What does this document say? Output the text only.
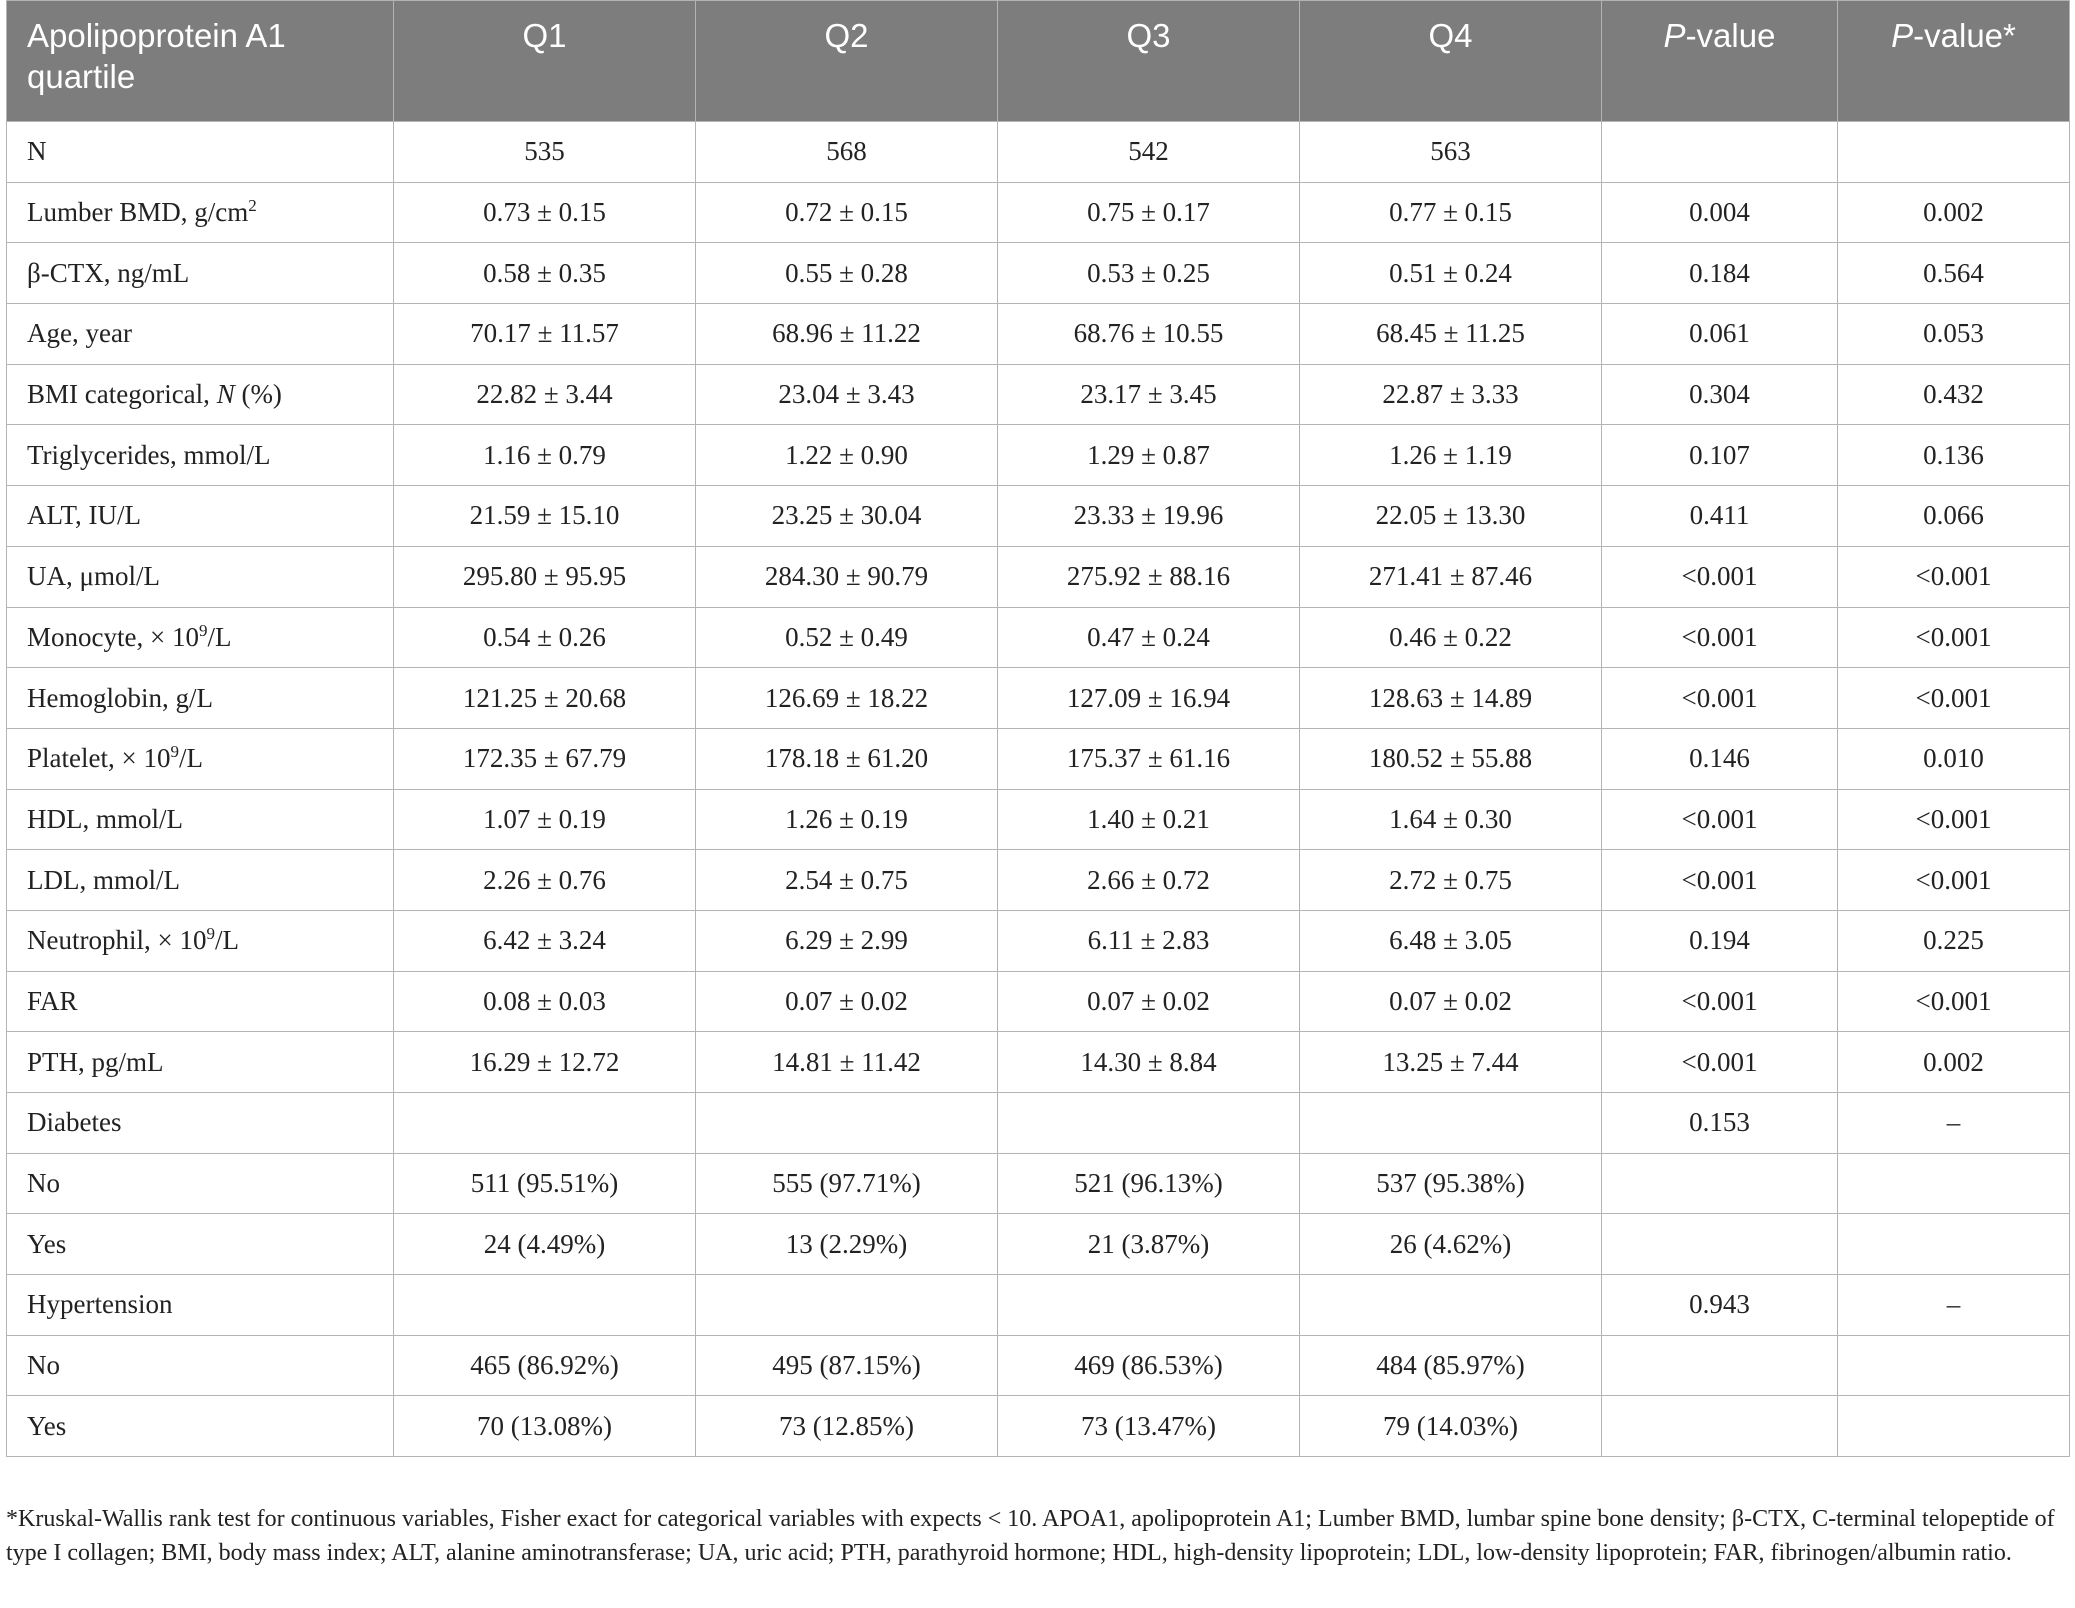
Apolipoprotein A1 quartile	Q1	Q2	Q3	Q4	P-value	P-value*
N	535	568	542	563		
Lumber BMD, $g/cm^2$	0.73 ± 0.15	0.72 ± 0.15	0.75 ± 0.17	0.77 ± 0.15	0.004	0.002
β-CTX, ng/mL	0.58 ± 0.35	0.55 ± 0.28	0.53 ± 0.25	0.51 ± 0.24	0.184	0.564
Age, year	70.17 ± 11.57	68.96 ± 11.22	68.76 ± 10.55	68.45 ± 11.25	0.061	0.053
BMI categorical, N (%)	22.82 ± 3.44	23.04 ± 3.43	23.17 ± 3.45	22.87 ± 3.33	0.304	0.432
Triglycerides, mmol/L	1.16 ± 0.79	1.22 ± 0.90	1.29 ± 0.87	1.26 ± 1.19	0.107	0.136
ALT, IU/L	21.59 ± 15.10	23.25 ± 30.04	23.33 ± 19.96	22.05 ± 13.30	0.411	0.066
UA, μmol/L	295.80 ± 95.95	284.30 ± 90.79	275.92 ± 88.16	271.41 ± 87.46	<0.001	<0.001
Monocyte, × $10^9/L$	0.54 ± 0.26	0.52 ± 0.49	0.47 ± 0.24	0.46 ± 0.22	<0.001	<0.001
Hemoglobin, g/L	121.25 ± 20.68	126.69 ± 18.22	127.09 ± 16.94	128.63 ± 14.89	<0.001	<0.001
Platelet, × $10^9/L$	172.35 ± 67.79	178.18 ± 61.20	175.37 ± 61.16	180.52 ± 55.88	0.146	0.010
HDL, mmol/L	1.07 ± 0.19	1.26 ± 0.19	1.40 ± 0.21	1.64 ± 0.30	<0.001	<0.001
LDL, mmol/L	2.26 ± 0.76	2.54 ± 0.75	2.66 ± 0.72	2.72 ± 0.75	<0.001	<0.001
Neutrophil, × $10^9/L$	6.42 ± 3.24	6.29 ± 2.99	6.11 ± 2.83	6.48 ± 3.05	0.194	0.225
FAR	0.08 ± 0.03	0.07 ± 0.02	0.07 ± 0.02	0.07 ± 0.02	<0.001	<0.001
PTH, pg/mL	16.29 ± 12.72	14.81 ± 11.42	14.30 ± 8.84	13.25 ± 7.44	<0.001	0.002
Diabetes					0.153	–
No	511 (95.51%)	555 (97.71%)	521 (96.13%)	537 (95.38%)		
Yes	24 (4.49%)	13 (2.29%)	21 (3.87%)	26 (4.62%)		
Hypertension					0.943	–
No	465 (86.92%)	495 (87.15%)	469 (86.53%)	484 (85.97%)		
Yes	70 (13.08%)	73 (12.85%)	73 (13.47%)	79 (14.03%)		
*Kruskal-Wallis rank test for continuous variables, Fisher exact for categorical variables with expects < 10. APOA1, apolipoprotein A1; Lumber BMD, lumbar spine bone density; β-CTX, C-terminal telopeptide of type I collagen; BMI, body mass index; ALT, alanine aminotransferase; UA, uric acid; PTH, parathyroid hormone; HDL, high-density lipoprotein; LDL, low-density lipoprotein; FAR, fibrinogen/albumin ratio.
